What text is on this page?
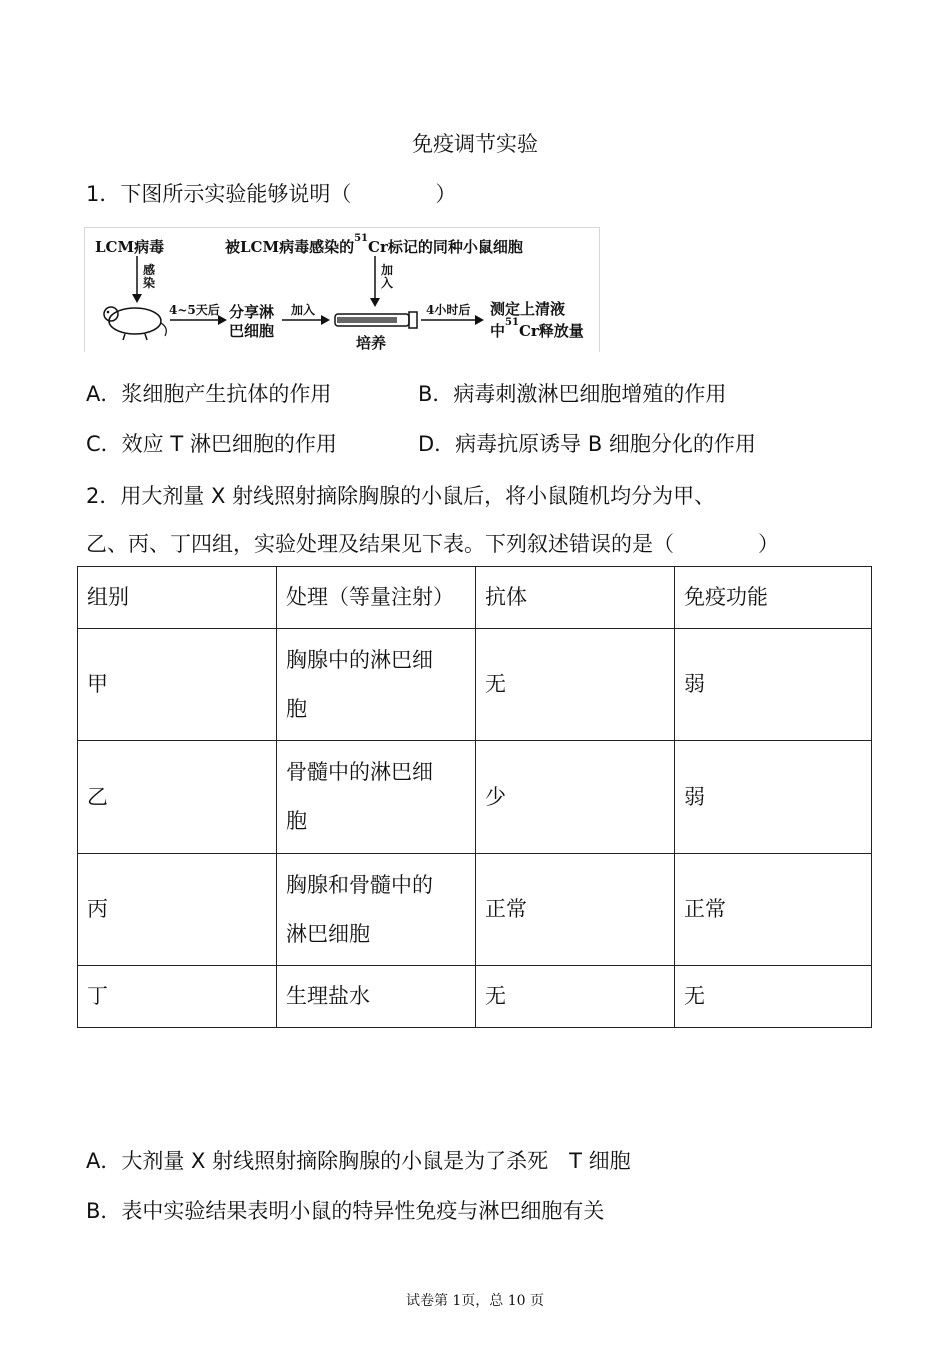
免疫调节实验
1．下图所示实验能够说明（　　　　）
LCM病毒	被LCM病毒感染的$^{51}$Cr标记的同种小鼠细胞
感染
加入
4~5天后 分享淋
巴细胞
加入
培养
4小时后 测定上清液
中$^{51}$Cr释放量
A．浆细胞产生抗体的作用	B．病毒刺激淋巴细胞增殖的作用
C．效应 T 淋巴细胞的作用	D．病毒抗原诱导 B 细胞分化的作用
2．用大剂量 X 射线照射摘除胸腺的小鼠后，将小鼠随机均分为甲、
乙、丙、丁四组，实验处理及结果见下表。下列叙述错误的是（　　　　）
组别	处理（等量注射）	抗体	免疫功能
甲	胸腺中的淋巴细
胞	无	弱
乙	骨髓中的淋巴细
胞	少	弱
丙	胸腺和骨髓中的
淋巴细胞	正常	正常
丁	生理盐水	无	无
A．大剂量 X 射线照射摘除胸腺的小鼠是为了杀死　T 细胞
B．表中实验结果表明小鼠的特异性免疫与淋巴细胞有关
试卷第 1页，总 10 页
